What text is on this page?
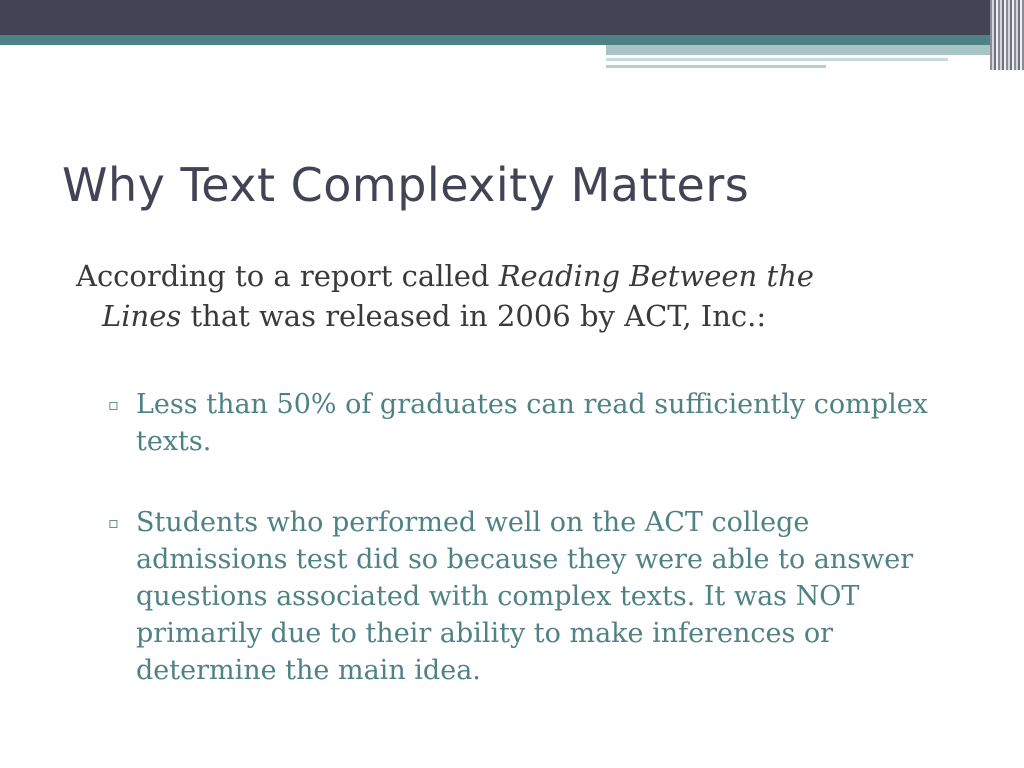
Why Text Complexity Matters
According to a report called Reading Between the
Lines that was released in 2006 by ACT, Inc.:
▫ Less than 50% of graduates can read sufficiently complex texts.
▫ Students who performed well on the ACT college admissions test did so because they were able to answer questions associated with complex texts. It was NOT primarily due to their ability to make inferences or determine the main idea.
